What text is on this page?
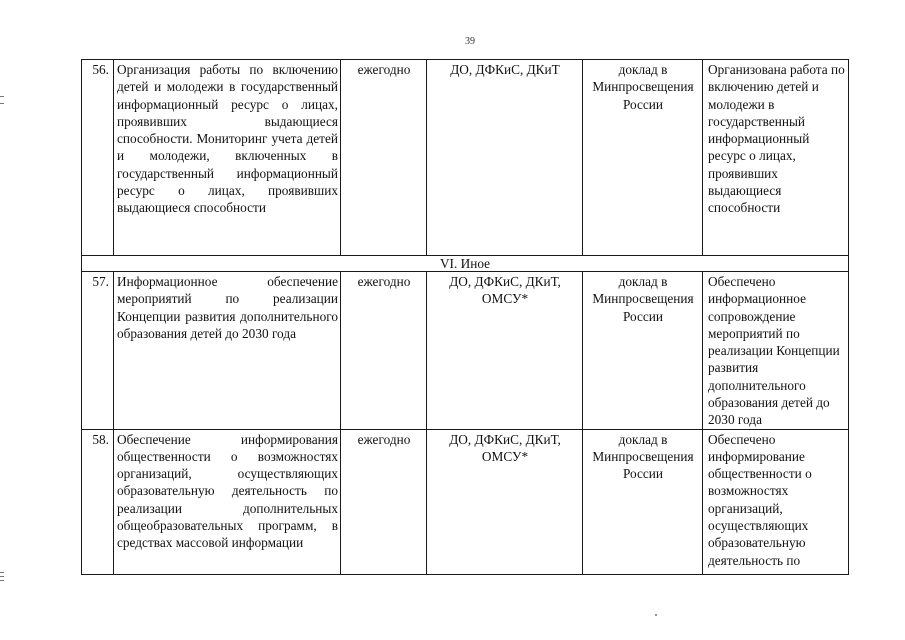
39
56.	Организация работы по включению детей и молодежи в государственный информационный ресурс о лицах, проявивших выдающиеся способности. Мониторинг учета детей и молодежи, включенных в государственный информационный ресурс о лицах, проявивших выдающиеся способности	ежегодно	ДО, ДФКиС, ДКиТ	доклад в Минпросвещения России	Организована работа по включению детей и молодежи в государственный информационный ресурс о лицах, проявивших выдающиеся способности
VI. Иное					
57.	Информационное обеспечение мероприятий по реализации Концепции развития дополнительного образования детей до 2030 года	ежегодно	ДО, ДФКиС, ДКиТ, ОМСУ*	доклад в Минпросвещения России	Обеспечено информационное сопровождение мероприятий по реализации Концепции развития дополнительного образования детей до 2030 года
58.	Обеспечение информирования общественности о возможностях организаций, осуществляющих образовательную деятельность по реализации дополнительных общеобразовательных программ, в средствах массовой информации	ежегодно	ДО, ДФКиС, ДКиТ, ОМСУ*	доклад в Минпросвещения России	Обеспечено информирование общественности о возможностях организаций, осуществляющих образовательную деятельность по
